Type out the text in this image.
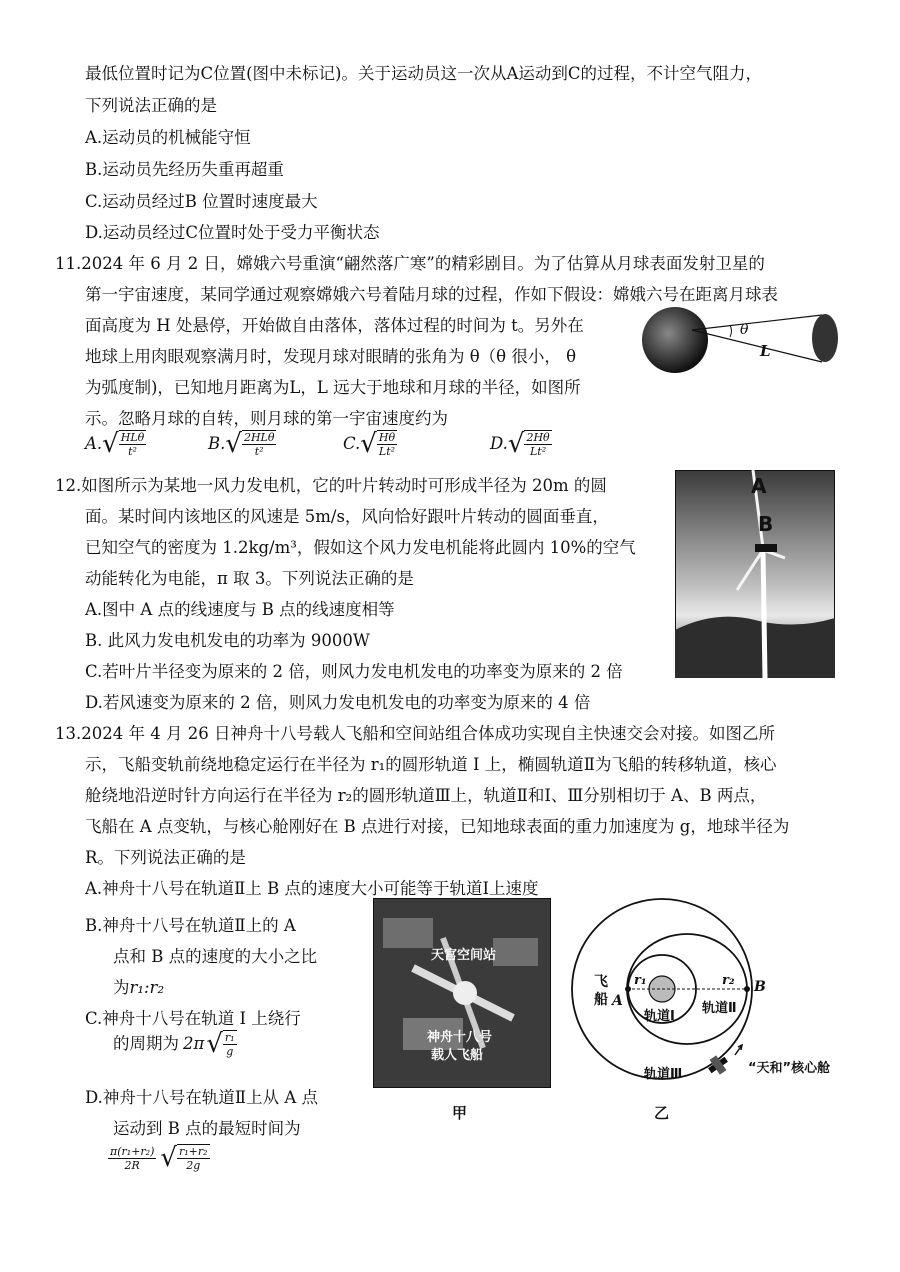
最低位置时记为C位置(图中未标记)。关于运动员这一次从A运动到C的过程，不计空气阻力，
下列说法正确的是
A.运动员的机械能守恒
B.运动员先经历失重再超重
C.运动员经过B 位置时速度最大
D.运动员经过C位置时处于受力平衡状态
11.2024 年 6 月 2 日，嫦娥六号重演“翩然落广寒”的精彩剧目。为了估算从月球表面发射卫星的
第一宇宙速度，某同学通过观察嫦娥六号着陆月球的过程，作如下假设：嫦娥六号在距离月球表
面高度为 H 处悬停，开始做自由落体，落体过程的时间为 t。另外在
地球上用肉眼观察满月时，发现月球对眼睛的张角为 θ（θ 很小， θ
为弧度制)，已知地月距离为L，L 远大于地球和月球的半径，如图所
示。忽略月球的自转，则月球的第一宇宙速度约为
θ
L
A. √ $\frac{\text{HLθ}}{\text{t²}}$	B. √ $\frac{\text{2HLθ}}{\text{t²}}$	C. √ $\frac{H\theta}{\text{Lt²}}$	D. √ $\frac{2H\theta}{\text{Lt²}}$
12.如图所示为某地一风力发电机，它的叶片转动时可形成半径为 20m 的圆
面。某时间内该地区的风速是 5m/s，风向恰好跟叶片转动的圆面垂直，
已知空气的密度为 1.2kg/m³，假如这个风力发电机能将此圆内 10%的空气
动能转化为电能，π 取 3。下列说法正确的是
A.图中 A 点的线速度与 B 点的线速度相等
B. 此风力发电机发电的功率为 9000W
C.若叶片半径变为原来的 2 倍，则风力发电机发电的功率变为原来的 2 倍
D.若风速变为原来的 2 倍，则风力发电机发电的功率变为原来的 4 倍
A
B
13.2024 年 4 月 26 日神舟十八号载人飞船和空间站组合体成功实现自主快速交会对接。如图乙所
示，飞船变轨前绕地稳定运行在半径为 r₁的圆形轨道 I 上，椭圆轨道Ⅱ为飞船的转移轨道，核心
舱绕地沿逆时针方向运行在半径为 r₂的圆形轨道Ⅲ上，轨道Ⅱ和Ⅰ、Ⅲ分别相切于 A、B 两点，
飞船在 A 点变轨，与核心舱刚好在 B 点进行对接，已知地球表面的重力加速度为 g，地球半径为
R。下列说法正确的是
A.神舟十八号在轨道Ⅱ上 B 点的速度大小可能等于轨道Ⅰ上速度
B.神舟十八号在轨道Ⅱ上的 A
点和 B 点的速度的大小之比
为r₁:r₂
C.神舟十八号在轨道 I 上绕行
的周期为 2π √ $\frac{\text{r₁}}{g}$
D.神舟十八号在轨道Ⅱ上从 A 点
运动到 B 点的最短时间为
$\frac{\text{π(r₁+r₂)}}{2R}$ √ $\frac{\text{r₁+r₂}}{2g}$
天宫空间站
神舟十八号
载人飞船
甲
飞
船 A
B
r₁	r₂
轨道Ⅰ
轨道Ⅱ
轨道Ⅲ	“天和”核心舱
乙
